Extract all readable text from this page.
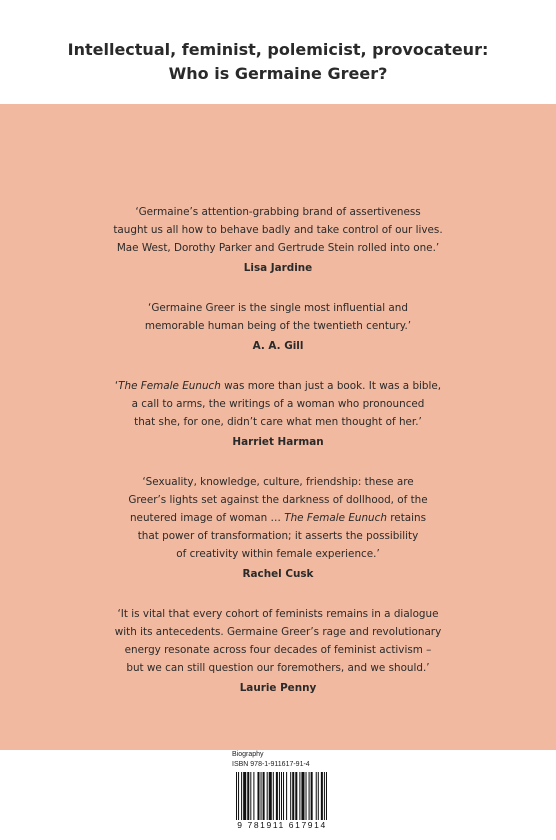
Intellectual, feminist, polemicist, provocateur:
Who is Germaine Greer?

‘Germaine’s attention-grabbing brand of assertiveness

taught us all how to behave badly and take control of our lives.

Mae West, Dorothy Parker and Gertrude Stein rolled into one.’

Lisa Jardine

‘Germaine Greer is the single most influential and

memorable human being of the twentieth century.’

A. A. Gill

‘The Female Eunuch was more than just a book. It was a bible,

a call to arms, the writings of a woman who pronounced

that she, for one, didn’t care what men thought of her.’

Harriet Harman

‘Sexuality, knowledge, culture, friendship: these are

Greer’s lights set against the darkness of dollhood, of the

neutered image of woman … The Female Eunuch retains

that power of transformation; it asserts the possibility

of creativity within female experience.’

Rachel Cusk

‘It is vital that every cohort of feminists remains in a dialogue

with its antecedents. Germaine Greer’s rage and revolutionary

energy resonate across four decades of feminist activism –

but we can still question our foremothers, and we should.’

Laurie Penny
Biography
ISBN 978-1-911617-91-4
9 781911 617914
